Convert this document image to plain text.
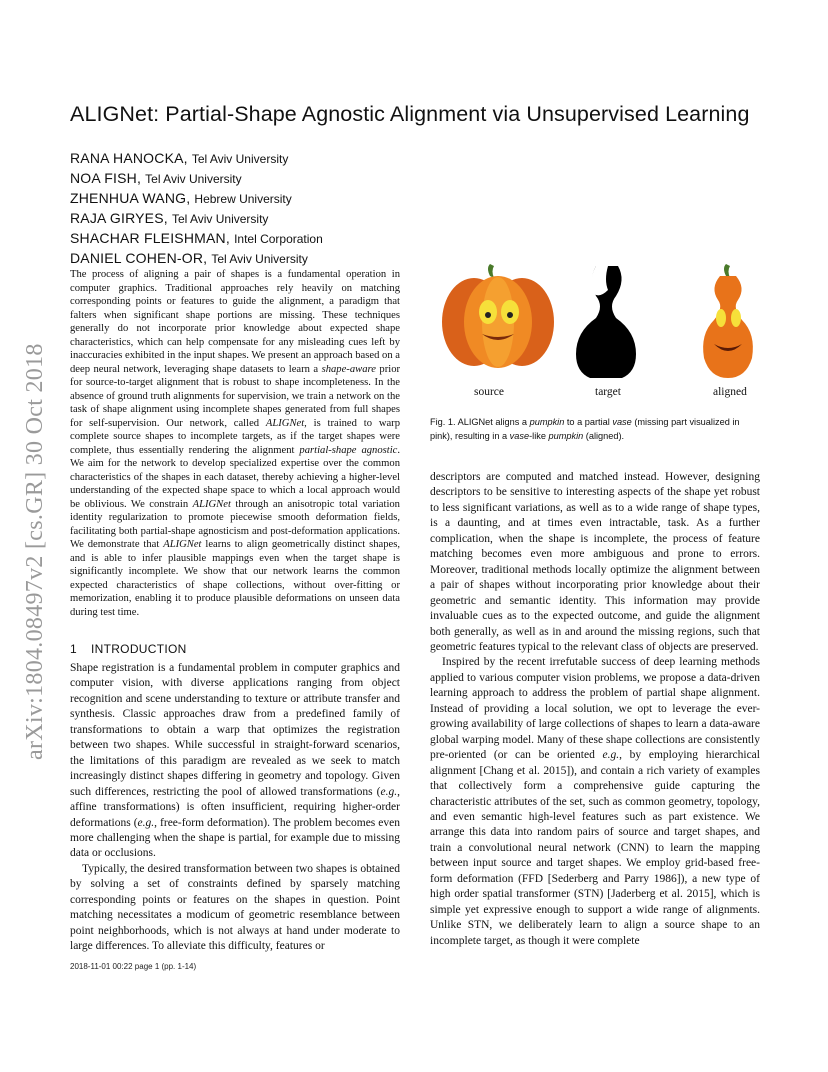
arXiv:1804.08497v2 [cs.GR] 30 Oct 2018
ALIGNet: Partial-Shape Agnostic Alignment via Unsupervised Learning
RANA HANOCKA, Tel Aviv University
NOA FISH, Tel Aviv University
ZHENHUA WANG, Hebrew University
RAJA GIRYES, Tel Aviv University
SHACHAR FLEISHMAN, Intel Corporation
DANIEL COHEN-OR, Tel Aviv University
The process of aligning a pair of shapes is a fundamental operation in computer graphics. Traditional approaches rely heavily on matching corresponding points or features to guide the alignment, a paradigm that falters when significant shape portions are missing. These techniques generally do not incorporate prior knowledge about expected shape characteristics, which can help compensate for any misleading cues left by inaccuracies exhibited in the input shapes. We present an approach based on a deep neural network, leveraging shape datasets to learn a shape-aware prior for source-to-target alignment that is robust to shape incompleteness. In the absence of ground truth alignments for supervision, we train a network on the task of shape alignment using incomplete shapes generated from full shapes for self-supervision. Our network, called ALIGNet, is trained to warp complete source shapes to incomplete targets, as if the target shapes were complete, thus essentially rendering the alignment partial-shape agnostic. We aim for the network to develop specialized expertise over the common characteristics of the shapes in each dataset, thereby achieving a higher-level understanding of the expected shape space to which a local approach would be oblivious. We constrain ALIGNet through an anisotropic total variation identity regularization to promote piecewise smooth deformation fields, facilitating both partial-shape agnosticism and post-deformation applications. We demonstrate that ALIGNet learns to align geometrically distinct shapes, and is able to infer plausible mappings even when the target shape is significantly incomplete. We show that our network learns the common expected characteristics of shape collections, without over-fitting or memorization, enabling it to produce plausible deformations on unseen data during test time.
1 INTRODUCTION

Shape registration is a fundamental problem in computer graphics and computer vision, with diverse applications ranging from object recognition and scene understanding to texture or attribute transfer and synthesis. Classic approaches draw from a predefined family of transformations to obtain a warp that optimizes the registration between two shapes. While successful in straight-forward scenarios, the limitations of this paradigm are revealed as we seek to match increasingly distinct shapes differing in geometry and topology. Given such differences, restricting the pool of allowed transformations (e.g., affine transformations) is often insufficient, requiring higher-order deformations (e.g., free-form deformation). The problem becomes even more challenging when the shape is partial, for example due to missing data or occlusions.

Typically, the desired transformation between two shapes is obtained by solving a set of constraints defined by sparsely matching corresponding points or features on the shapes in question. Point matching necessitates a modicum of geometric resemblance between point neighborhoods, which is not always at hand under moderate to large differences. To alleviate this difficulty, features or

source	target	aligned
Fig. 1. ALIGNet aligns a pumpkin to a partial vase (missing part visualized in pink), resulting in a vase-like pumpkin (aligned).

descriptors are computed and matched instead. However, designing descriptors to be sensitive to interesting aspects of the shape yet robust to less significant variations, as well as to a wide range of shape types, is a daunting, and at times even intractable, task. As a further complication, when the shape is incomplete, the process of feature matching becomes even more ambiguous and prone to errors. Moreover, traditional methods locally optimize the alignment between a pair of shapes without incorporating prior knowledge about their geometric and semantic identity. This information may provide invaluable cues as to the expected outcome, and guide the alignment both generally, as well as in and around the missing regions, such that geometric features typical to the relevant class of objects are preserved.

Inspired by the recent irrefutable success of deep learning methods applied to various computer vision problems, we propose a data-driven learning approach to address the problem of partial shape alignment. Instead of providing a local solution, we opt to leverage the ever-growing availability of large collections of shapes to learn a data-aware global warping model. Many of these shape collections are consistently pre-oriented (or can be oriented e.g., by employing hierarchical alignment [Chang et al. 2015]), and contain a rich variety of examples that collectively form a comprehensive guide capturing the characteristic attributes of the set, such as common geometry, topology, and even semantic high-level features such as part existence. We arrange this data into random pairs of source and target shapes, and train a convolutional neural network (CNN) to learn the mapping between input source and target shapes. We employ grid-based free-form deformation (FFD [Sederberg and Parry 1986]), a new type of high order spatial transformer (STN) [Jaderberg et al. 2015], which is simple yet expressive enough to support a wide range of alignments. Unlike STN, we deliberately learn to align a source shape to an incomplete target, as though it were complete

2018-11-01 00:22 page 1 (pp. 1-14)
